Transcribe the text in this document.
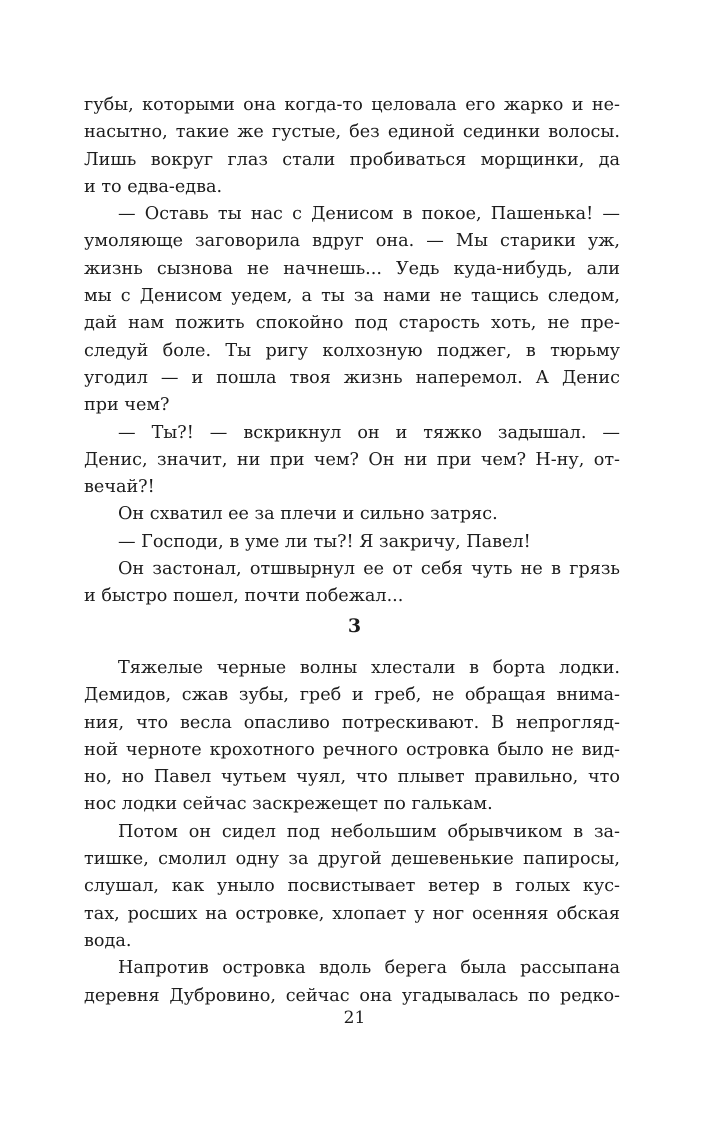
губы, которыми она когда-то целовала его жарко и не-
насытно, такие же густые, без единой сединки волосы.
Лишь вокруг глаз стали пробиваться морщинки, да
и то едва-едва.
— Оставь ты нас с Денисом в покое, Пашенька! —
умоляюще заговорила вдруг она. — Мы старики уж,
жизнь сызнова не начнешь... Уедь куда-нибудь, али
мы с Денисом уедем, а ты за нами не тащись следом,
дай нам пожить спокойно под старость хоть, не пре-
следуй боле. Ты ригу колхозную поджег, в тюрьму
угодил — и пошла твоя жизнь наперемол. А Денис
при чем?
— Ты?! — вскрикнул он и тяжко задышал. —
Денис, значит, ни при чем? Он ни при чем? Н-ну, от-
вечай?!
Он схватил ее за плечи и сильно затряс.
— Господи, в уме ли ты?! Я закричу, Павел!
Он застонал, отшвырнул ее от себя чуть не в грязь
и быстро пошел, почти побежал...
3
Тяжелые черные волны хлестали в борта лодки.
Демидов, сжав зубы, греб и греб, не обращая внима-
ния, что весла опасливо потрескивают. В непрогляд-
ной черноте крохотного речного островка было не вид-
но, но Павел чутьем чуял, что плывет правильно, что
нос лодки сейчас заскрежещет по галькам.
Потом он сидел под небольшим обрывчиком в за-
тишке, смолил одну за другой дешевенькие папиросы,
слушал, как уныло посвистывает ветер в голых кус-
тах, росших на островке, хлопает у ног осенняя обская
вода.
Напротив островка вдоль берега была рассыпана
деревня Дубровино, сейчас она угадывалась по редко-
21
